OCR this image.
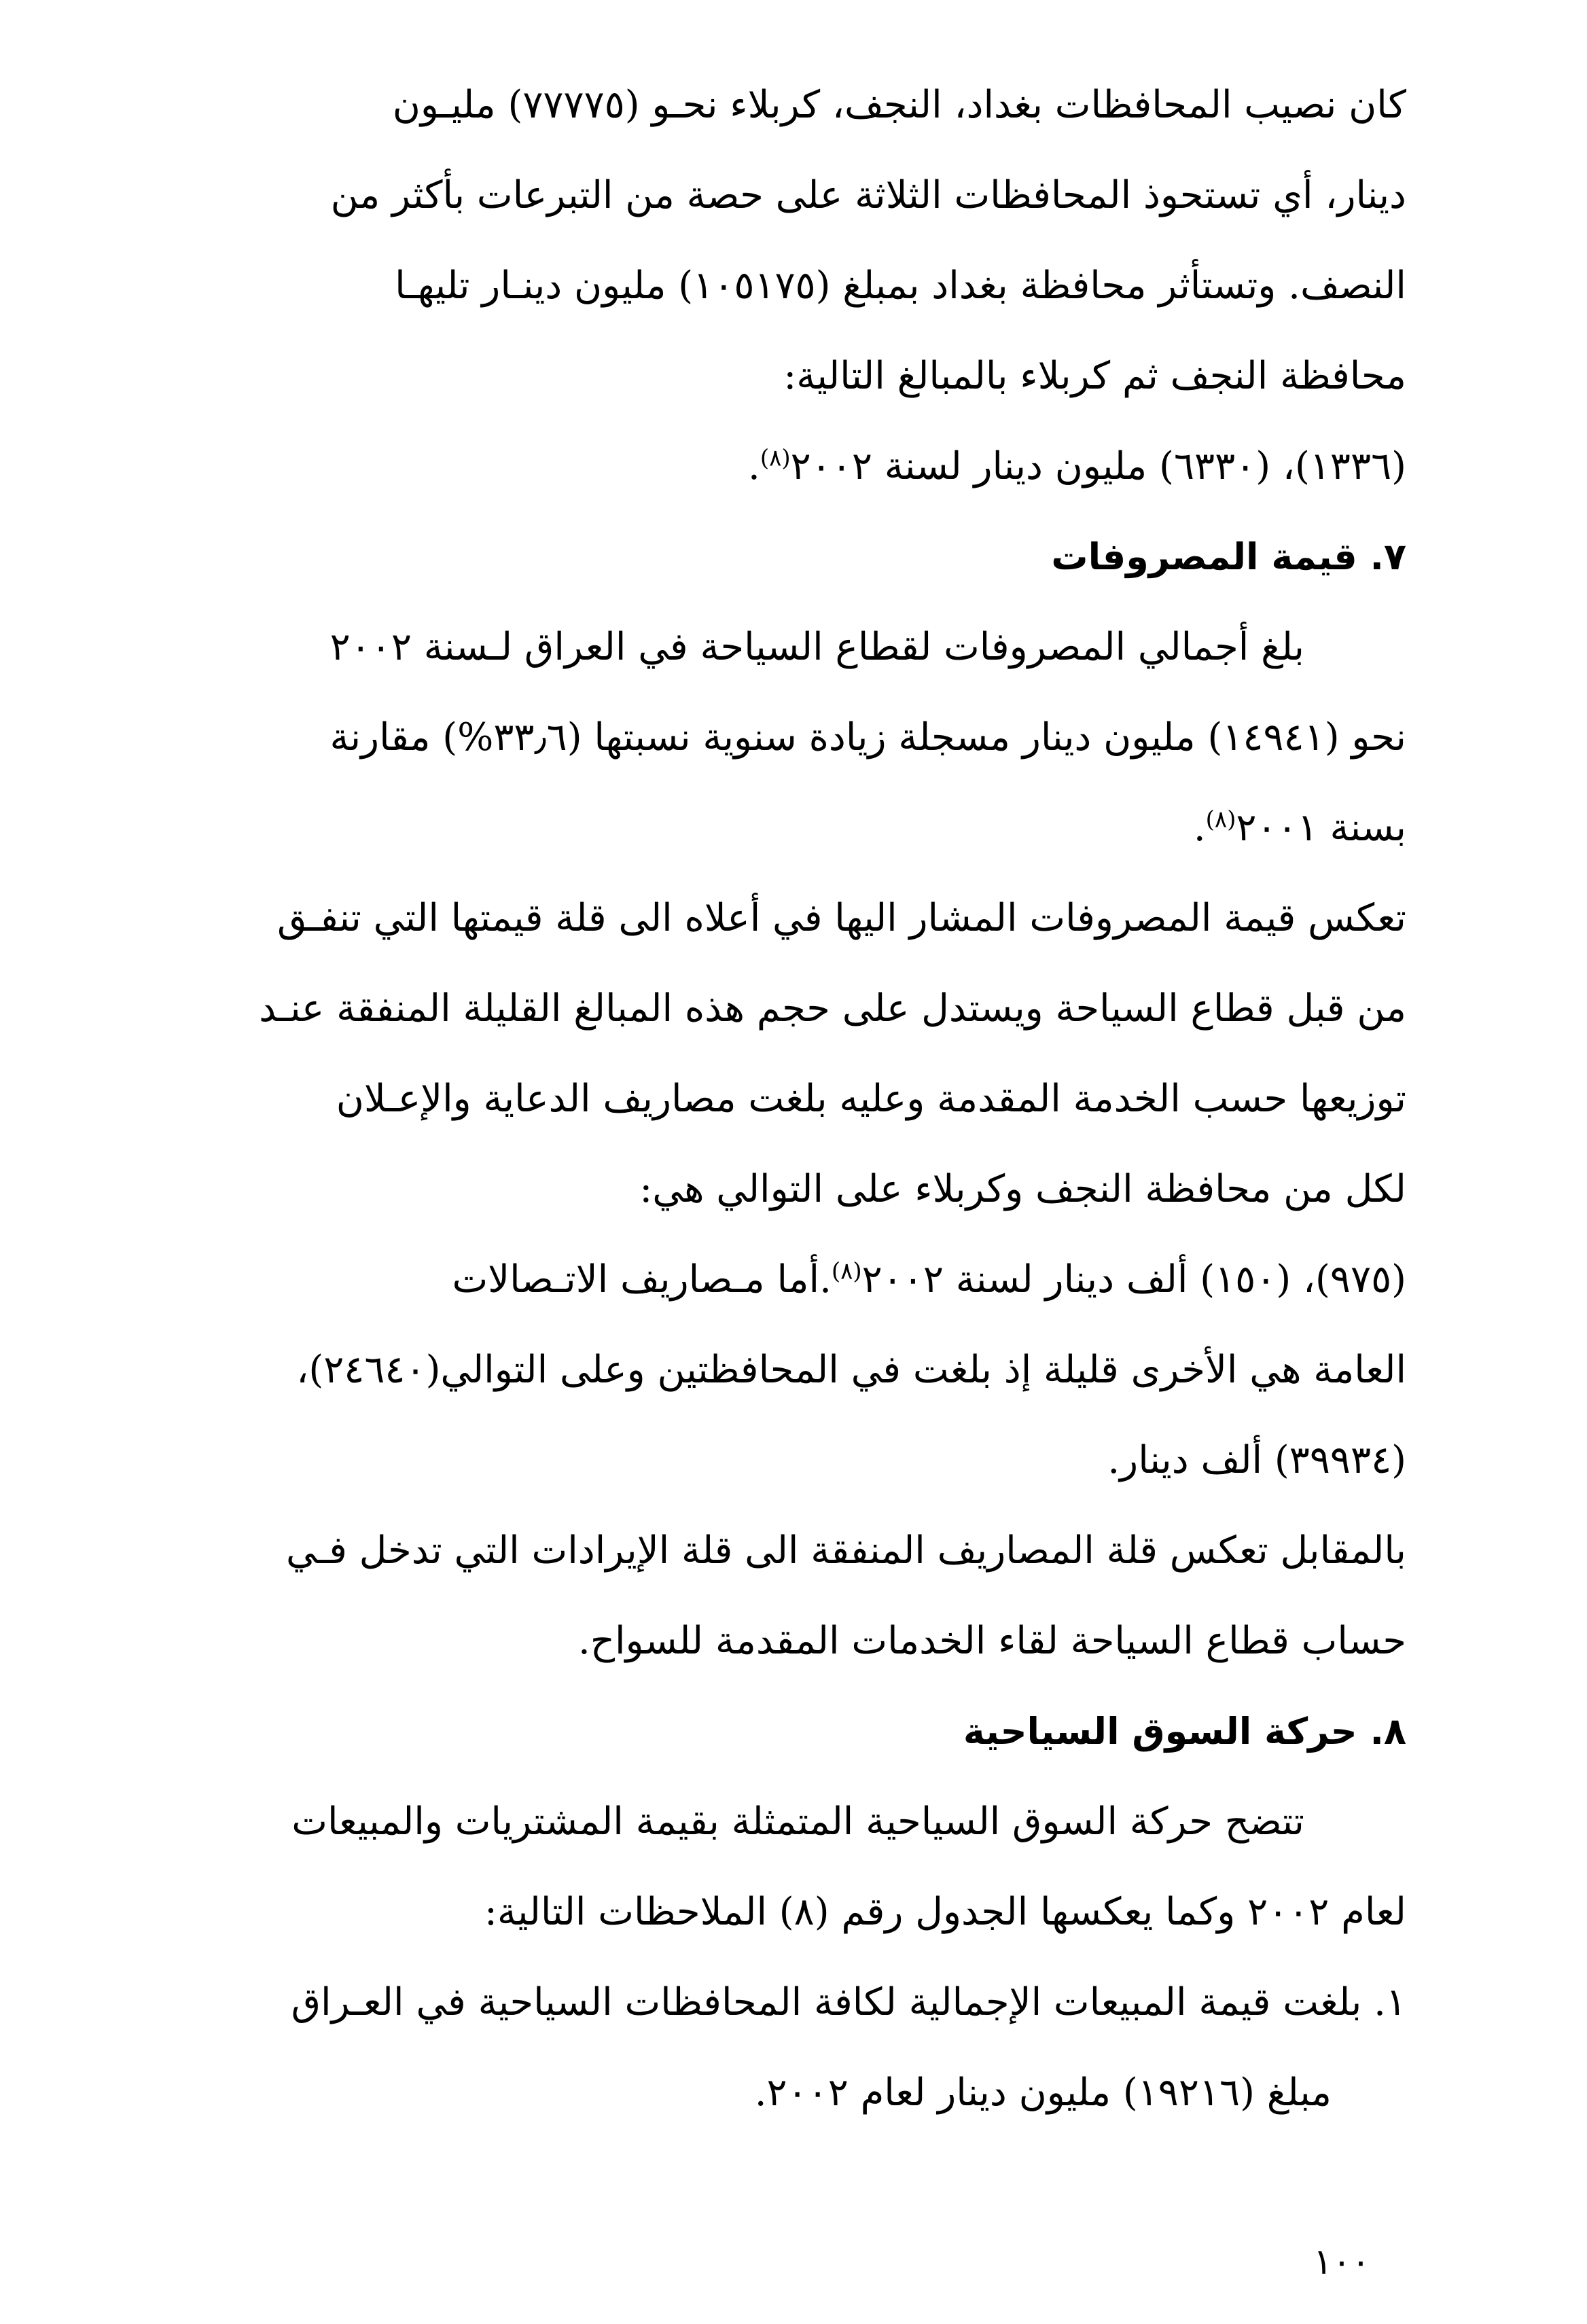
كان نصيب المحافظات بغداد، النجف، كربلاء نحـو (٧٧٧٧٥) مليـون
دينار، أي تستحوذ المحافظات الثلاثة على حصة من التبرعات بأكثر من
النصف. وتستأثر محافظة بغداد بمبلغ (١٠٥١٧٥) مليون دينـار تليهـا
محافظة النجف ثم كربلاء بالمبالغ التالية:
(١٣٣٦)، (٦٣٣٠) مليون دينار لسنة ٢٠٠٢$^{(٨)}$.
٧. قيمة المصروفات
بلغ أجمالي المصروفات لقطاع السياحة في العراق لـسنة ٢٠٠٢
نحو (١٤٩٤١) مليون دينار مسجلة زيادة سنوية نسبتها (٣٣٫٦%) مقارنة
بسنة ٢٠٠١$^{(٨)}$.
تعكس قيمة المصروفات المشار اليها في أعلاه الى قلة قيمتها التي تنفـق
من قبل قطاع السياحة ويستدل على حجم هذه المبالغ القليلة المنفقة عنـد
توزيعها حسب الخدمة المقدمة وعليه بلغت مصاريف الدعاية والإعـلان
لكل من محافظة النجف وكربلاء على التوالي هي:
(٩٧٥)، (١٥٠) ألف دينار لسنة ٢٠٠٢$^{(٨)}$.أما مـصاريف الاتـصالات
العامة هي الأخرى قليلة إذ بلغت في المحافظتين وعلى التوالي(٢٤٦٤٠)،
(٣٩٩٣٤) ألف دينار.
بالمقابل تعكس قلة المصاريف المنفقة الى قلة الإيرادات التي تدخل فـي
حساب قطاع السياحة لقاء الخدمات المقدمة للسواح.
٨. حركة السوق السياحية
تتضح حركة السوق السياحية المتمثلة بقيمة المشتريات والمبيعات
لعام ٢٠٠٢ وكما يعكسها الجدول رقم (٨) الملاحظات التالية:
١. بلغت قيمة المبيعات الإجمالية لكافة المحافظات السياحية في العـراق
مبلغ (١٩٢١٦) مليون دينار لعام ٢٠٠٢.
١٠٠
